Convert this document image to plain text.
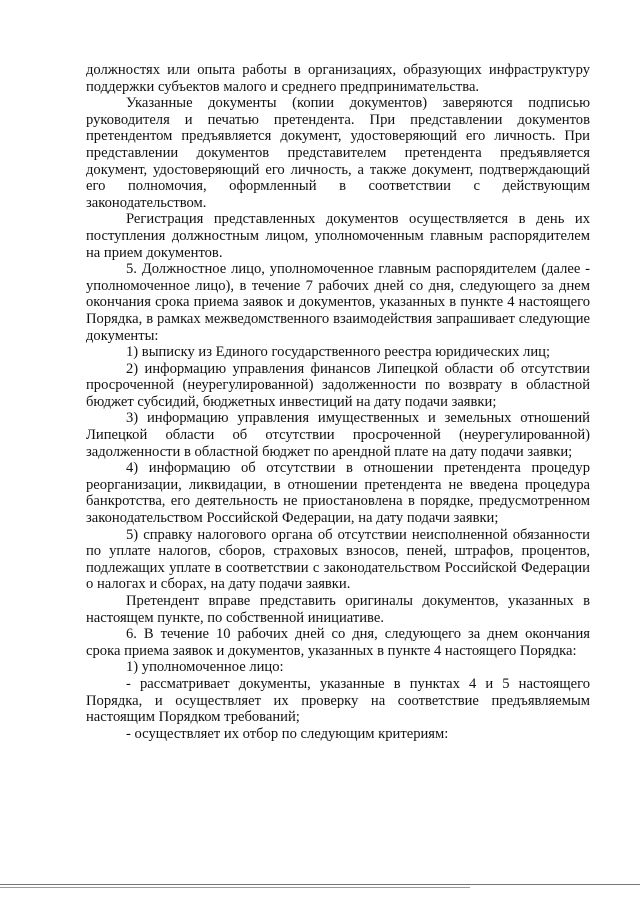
должностях или опыта работы в организациях, образующих инфраструктуру поддержки субъектов малого и среднего предпринимательства.

Указанные документы (копии документов) заверяются подписью руководителя и печатью претендента. При представлении документов претендентом предъявляется документ, удостоверяющий его личность. При представлении документов представителем претендента предъявляется документ, удостоверяющий его личность, а также документ, подтверждающий его полномочия, оформленный в соответствии с действующим законодательством.

Регистрация представленных документов осуществляется в день их поступления должностным лицом, уполномоченным главным распорядителем на прием документов.

5. Должностное лицо, уполномоченное главным распорядителем (далее - уполномоченное лицо), в течение 7 рабочих дней со дня, следующего за днем окончания срока приема заявок и документов, указанных в пункте 4 настоящего Порядка, в рамках межведомственного взаимодействия запрашивает следующие документы:

1) выписку из Единого государственного реестра юридических лиц;

2) информацию управления финансов Липецкой области об отсутствии просроченной (неурегулированной) задолженности по возврату в областной бюджет субсидий, бюджетных инвестиций на дату подачи заявки;

3) информацию управления имущественных и земельных отношений Липецкой области об отсутствии просроченной (неурегулированной) задолженности в областной бюджет по арендной плате на дату подачи заявки;

4) информацию об отсутствии в отношении претендента процедур реорганизации, ликвидации, в отношении претендента не введена процедура банкротства, его деятельность не приостановлена в порядке, предусмотренном законодательством Российской Федерации, на дату подачи заявки;

5) справку налогового органа об отсутствии неисполненной обязанности по уплате налогов, сборов, страховых взносов, пеней, штрафов, процентов, подлежащих уплате в соответствии с законодательством Российской Федерации о налогах и сборах, на дату подачи заявки.

Претендент вправе представить оригиналы документов, указанных в настоящем пункте, по собственной инициативе.

6. В течение 10 рабочих дней со дня, следующего за днем окончания срока приема заявок и документов, указанных в пункте 4 настоящего Порядка:

1) уполномоченное лицо:

- рассматривает документы, указанные в пунктах 4 и 5 настоящего Порядка, и осуществляет их проверку на соответствие предъявляемым настоящим Порядком требований;

- осуществляет их отбор по следующим критериям:
